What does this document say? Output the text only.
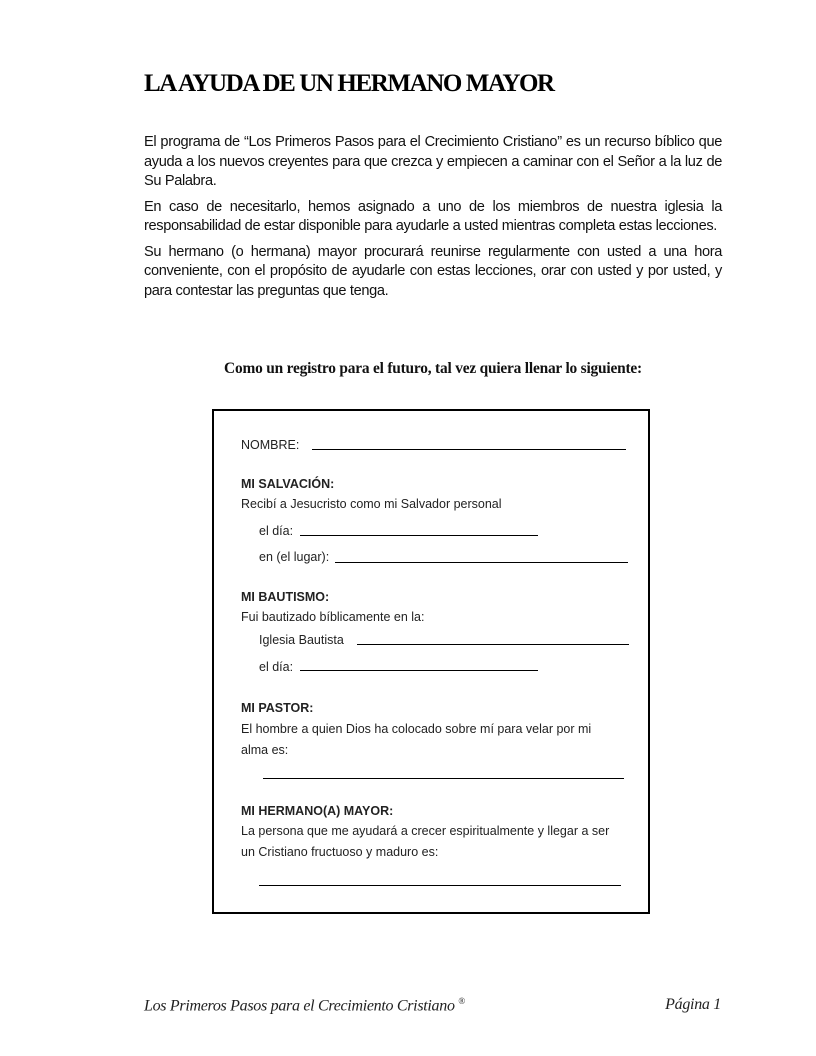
LA AYUDA DE UN HERMANO MAYOR

El programa de “Los Primeros Pasos para el Crecimiento Cristiano” es un recurso bíblico que ayuda a los nuevos creyentes para que crezca y empiecen a caminar con el Señor a la luz de Su Palabra.

En caso de necesitarlo, hemos asignado a uno de los miembros de nuestra iglesia la responsabilidad de estar disponible para ayudarle a usted mientras completa estas lecciones.

Su hermano (o hermana) mayor procurará reunirse regularmente con usted a una hora conveniente, con el propósito de ayudarle con estas lecciones, orar con usted y por usted, y para contestar las preguntas que tenga.

Como un registro para el futuro, tal vez quiera llenar lo siguiente:
NOMBRE:
MI SALVACIÓN:
Recibí a Jesucristo como mi Salvador personal
el día:
en (el lugar):
MI BAUTISMO:
Fui bautizado bíblicamente en la:
Iglesia Bautista
el día:
MI PASTOR:
El hombre a quien Dios ha colocado sobre mí para velar por mi
alma es:
MI HERMANO(A) MAYOR:
La persona que me ayudará a crecer espiritualmente y llegar a ser
un Cristiano fructuoso y maduro es:
Los Primeros Pasos para el Crecimiento Cristiano ®	Página 1
